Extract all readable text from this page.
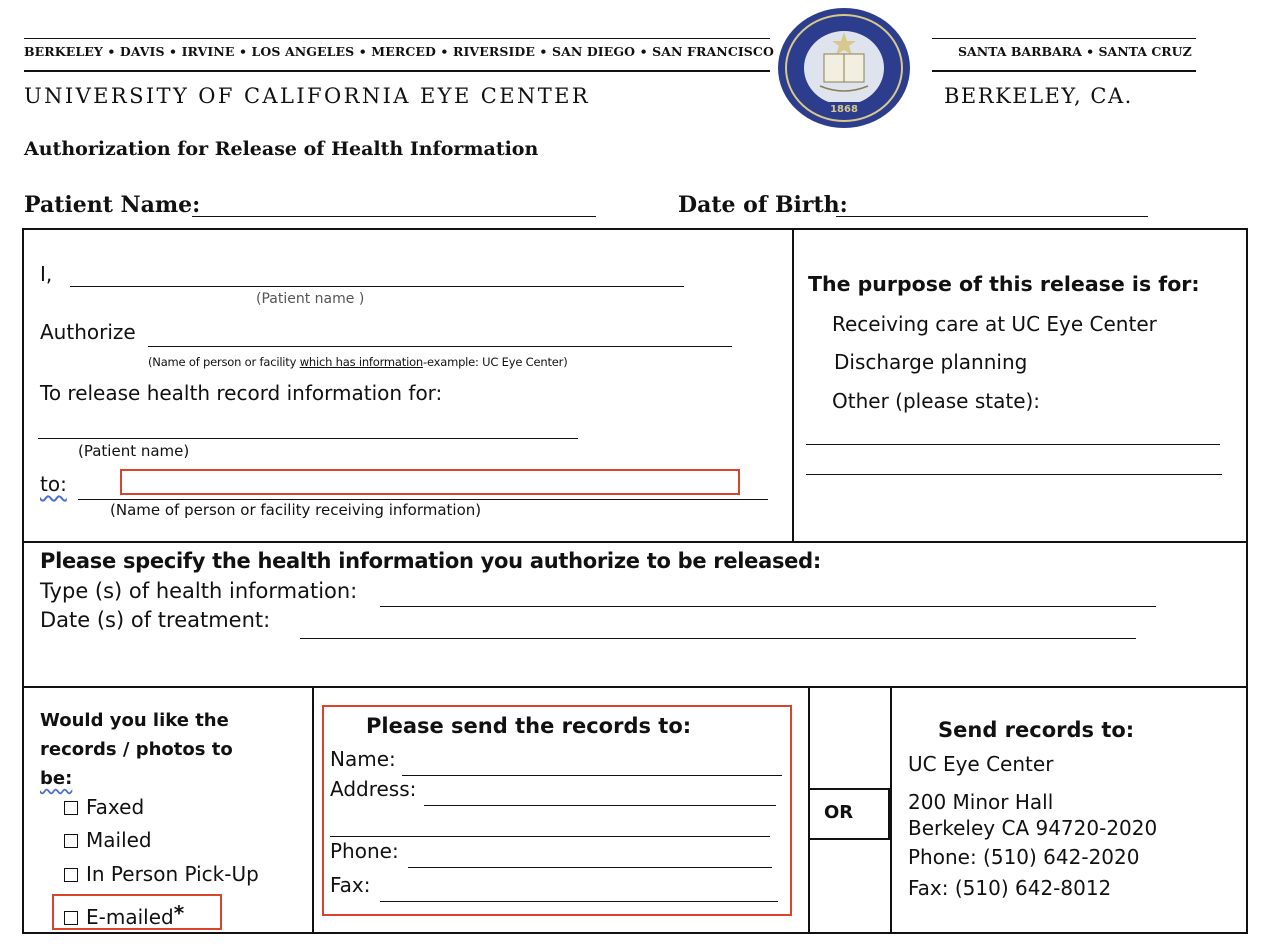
BERKELEY • DAVIS • IRVINE • LOS ANGELES • MERCED • RIVERSIDE • SAN DIEGO • SAN FRANCISCO
UNIVERSITY OF CALIFORNIA EYE CENTER
1868
SANTA BARBARA • SANTA CRUZ
BERKELEY, CA.
Authorization for Release of Health Information
Patient Name:	Date of Birth:
I,
(Patient name )
Authorize
(Name of person or facility which has information-example: UC Eye Center)
To release health record information for:
(Patient name)
to:
(Name of person or facility receiving information)
The purpose of this release is for:
Receiving care at UC Eye Center
Discharge planning
Other (please state):
Please specify the health information you authorize to be released:
Type (s) of health information:
Date (s) of treatment:
Would you like the
records / photos to
be:
Faxed
Mailed
In Person Pick-Up
E-mailed*
Please send the records to:
Name:
Address:
Phone:
Fax:
OR
Send records to:
UC Eye Center
200 Minor Hall
Berkeley CA 94720-2020
Phone: (510) 642-2020
Fax: (510) 642-8012
